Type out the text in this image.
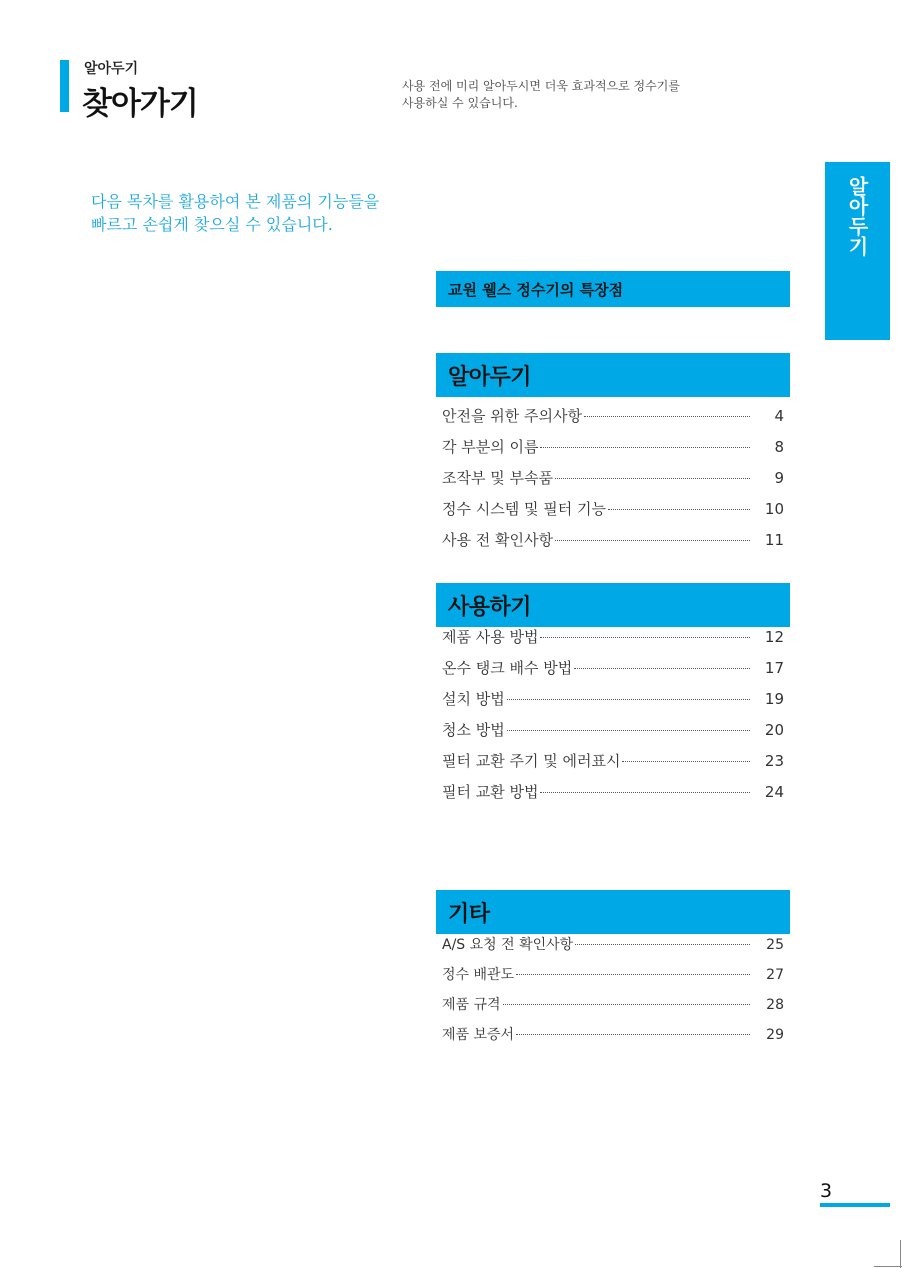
알아두기
찾아가기	사용 전에 미리 알아두시면 더욱 효과적으로 정수기를
사용하실 수 있습니다.
다음 목차를 활용하여 본 제품의 기능들을
빠르고 손쉽게 찾으실 수 있습니다.	알아두기
교원 웰스 정수기의 특장점
알아두기
안전을 위한 주의사항	4
각 부분의 이름	8
조작부 및 부속품	9
정수 시스템 및 필터 기능	10
사용 전 확인사항	11
사용하기
제품 사용 방법	12
온수 탱크 배수 방법	17
설치 방법	19
청소 방법	20
필터 교환 주기 및 에러표시	23
필터 교환 방법	24
기타
A/S 요청 전 확인사항	25
정수 배관도	27
제품 규격	28
제품 보증서	29
3
